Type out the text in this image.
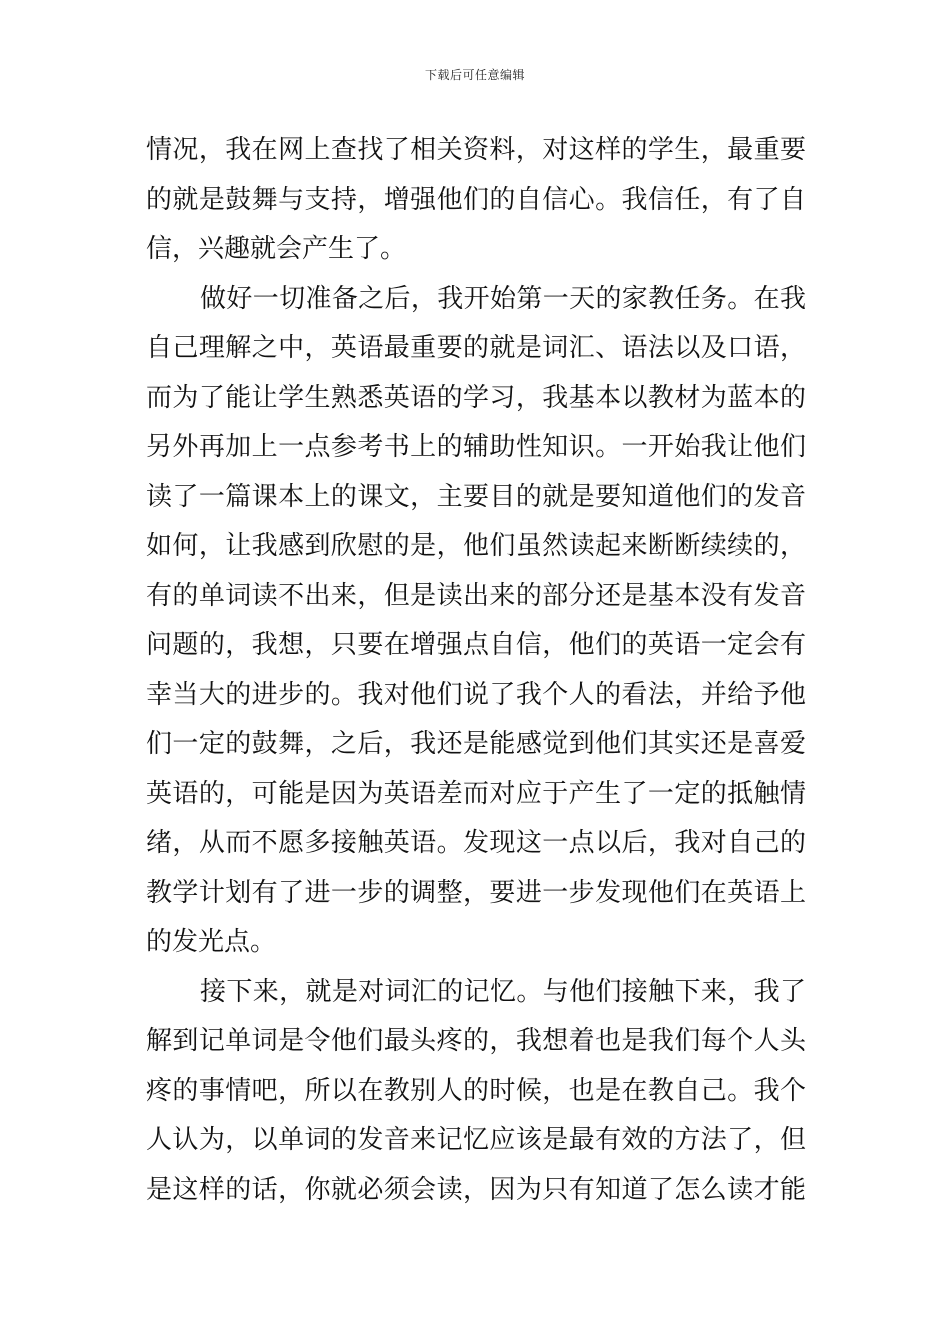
下载后可任意编辑
情况，我在网上查找了相关资料，对这样的学生，最重要
的就是鼓舞与支持，增强他们的自信心。我信任，有了自
信，兴趣就会产生了。
做好一切准备之后，我开始第一天的家教任务。在我
自己理解之中，英语最重要的就是词汇、语法以及口语，
而为了能让学生熟悉英语的学习，我基本以教材为蓝本的
另外再加上一点参考书上的辅助性知识。一开始我让他们
读了一篇课本上的课文，主要目的就是要知道他们的发音
如何，让我感到欣慰的是，他们虽然读起来断断续续的，
有的单词读不出来，但是读出来的部分还是基本没有发音
问题的，我想，只要在增强点自信，他们的英语一定会有
幸当大的进步的。我对他们说了我个人的看法，并给予他
们一定的鼓舞，之后，我还是能感觉到他们其实还是喜爱
英语的，可能是因为英语差而对应于产生了一定的抵触情
绪，从而不愿多接触英语。发现这一点以后，我对自己的
教学计划有了进一步的调整，要进一步发现他们在英语上
的发光点。
接下来，就是对词汇的记忆。与他们接触下来，我了
解到记单词是令他们最头疼的，我想着也是我们每个人头
疼的事情吧，所以在教别人的时候，也是在教自己。我个
人认为，以单词的发音来记忆应该是最有效的方法了，但
是这样的话，你就必须会读，因为只有知道了怎么读才能
